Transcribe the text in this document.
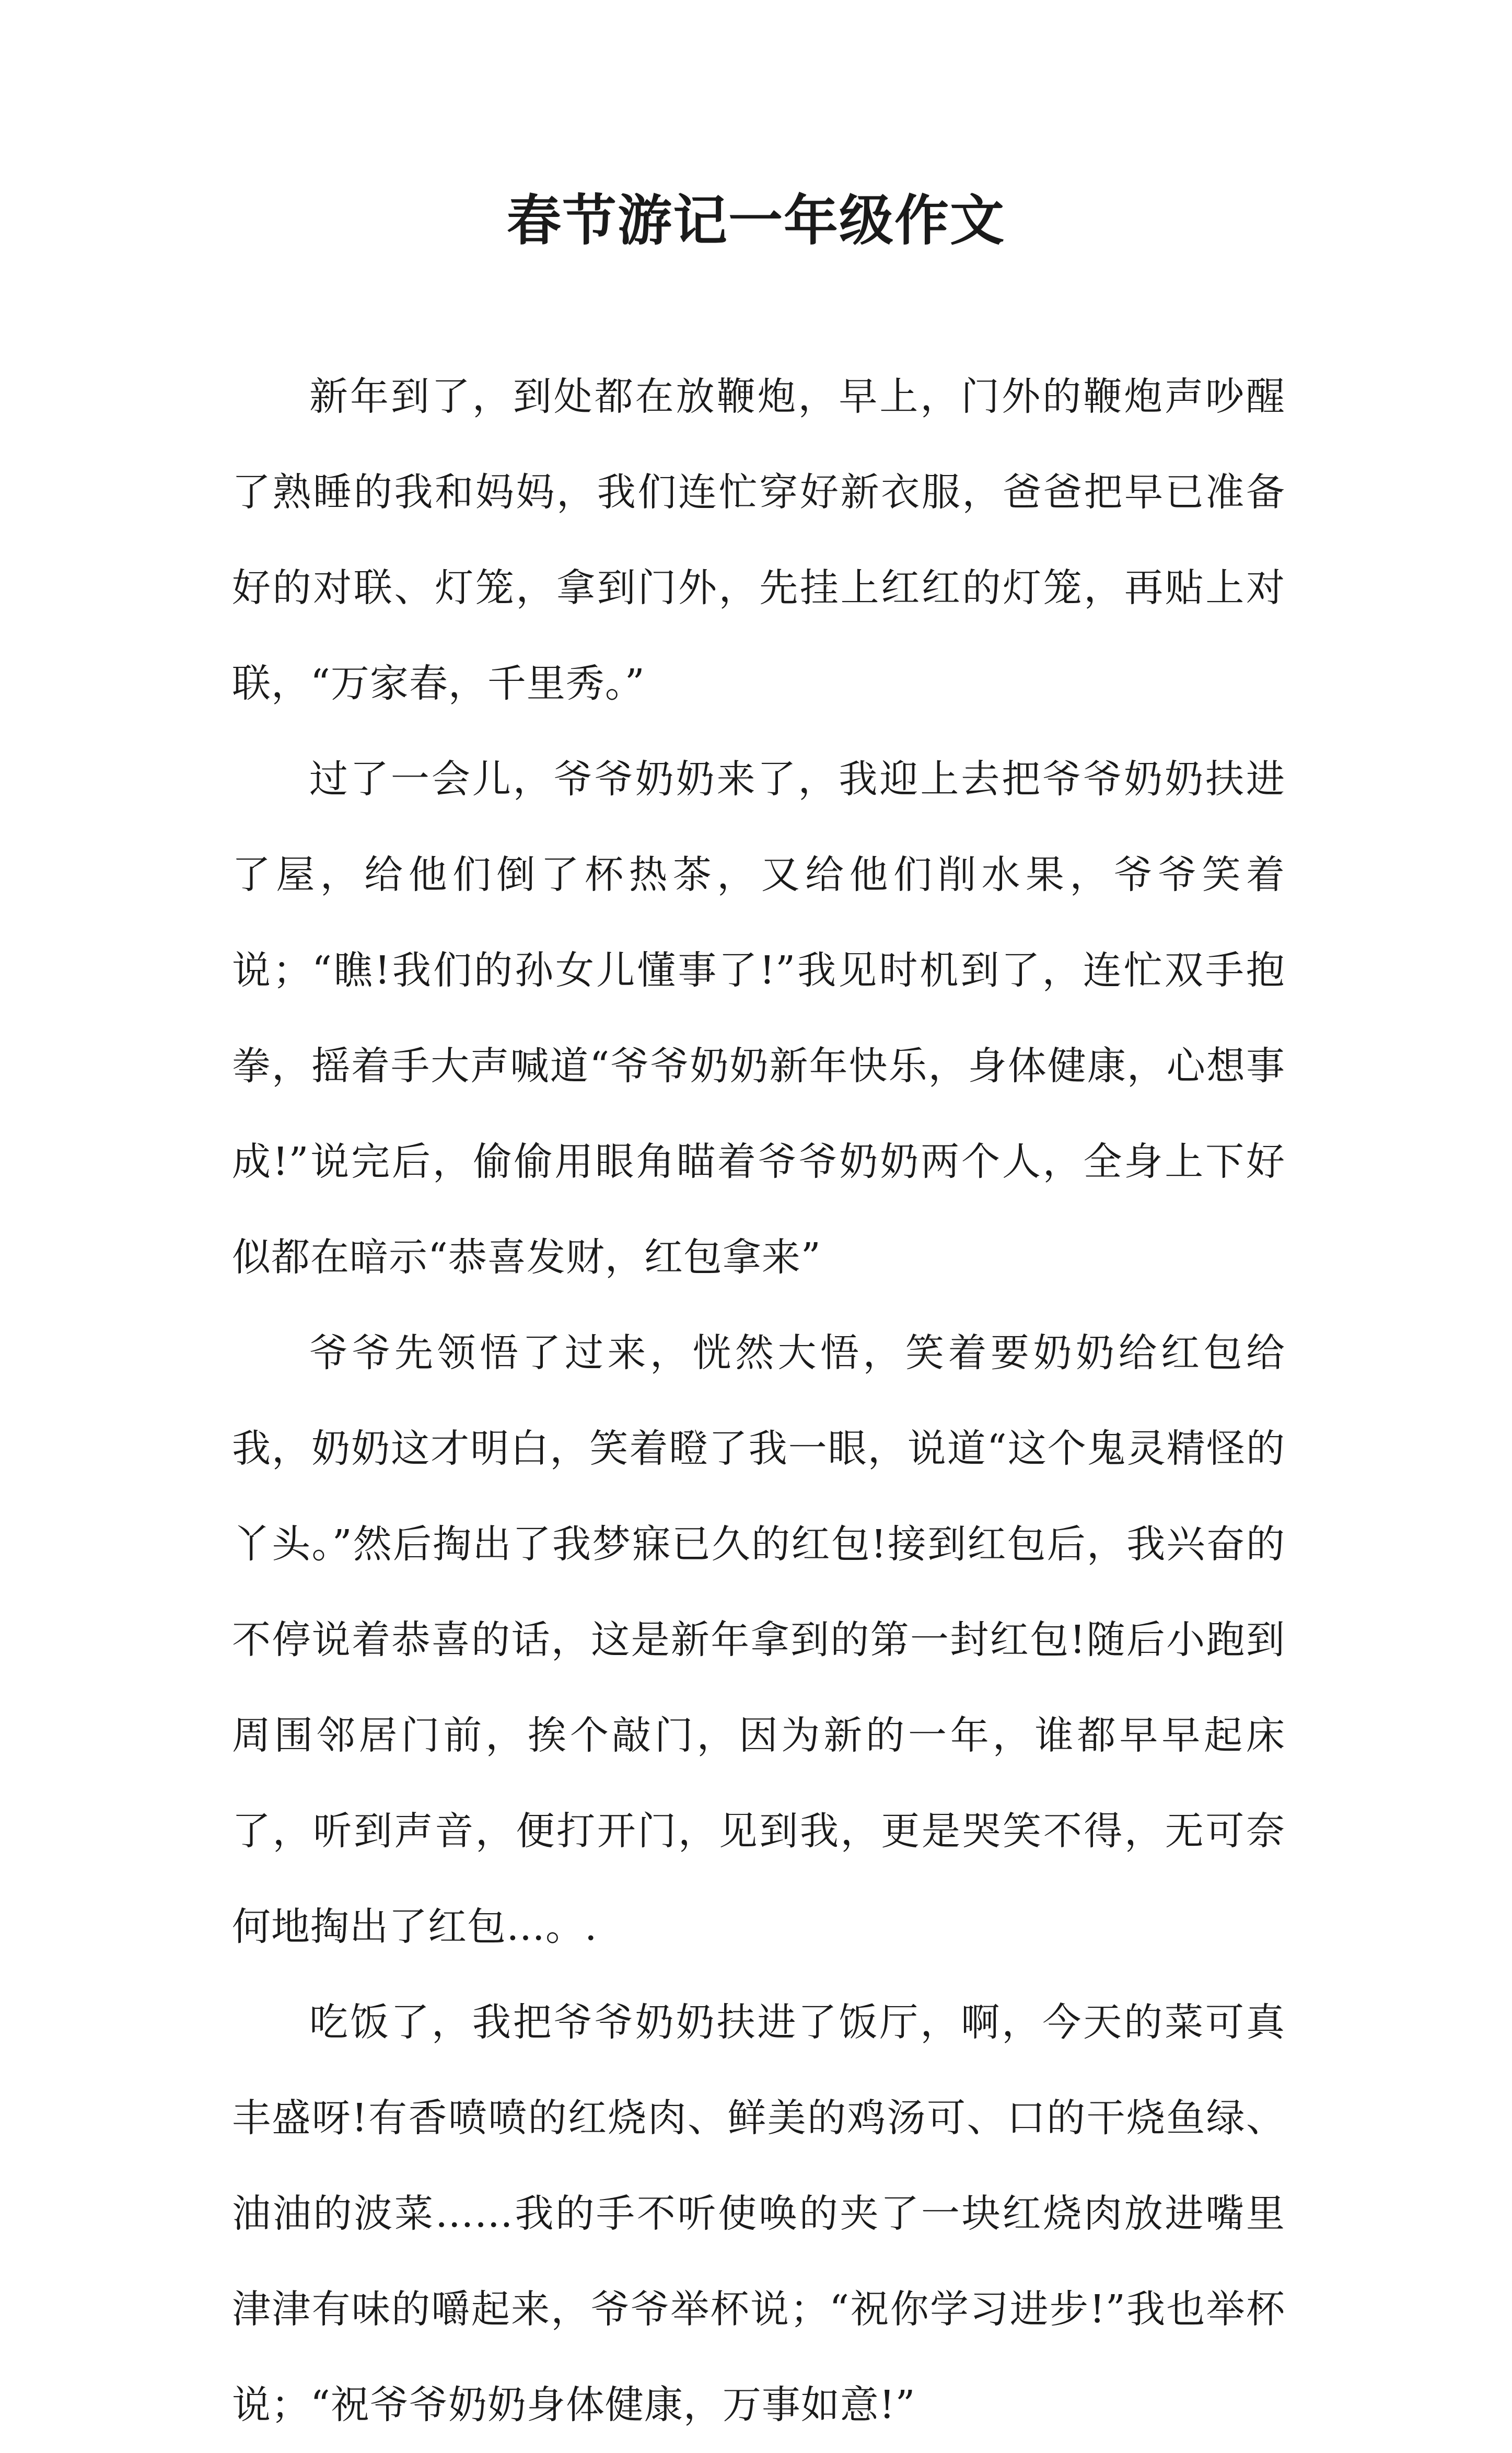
春节游记一年级作文

新年到了，到处都在放鞭炮，早上，门外的鞭炮声吵醒了熟睡的我和妈妈，我们连忙穿好新衣服，爸爸把早已准备好的对联、灯笼，拿到门外，先挂上红红的灯笼，再贴上对联，“万家春，千里秀。”

过了一会儿，爷爷奶奶来了，我迎上去把爷爷奶奶扶进了屋，给他们倒了杯热茶，又给他们削水果，爷爷笑着说；“瞧!我们的孙女儿懂事了!”我见时机到了，连忙双手抱拳，摇着手大声喊道“爷爷奶奶新年快乐，身体健康，心想事成!”说完后，偷偷用眼角瞄着爷爷奶奶两个人，全身上下好似都在暗示“恭喜发财，红包拿来”

爷爷先领悟了过来，恍然大悟，笑着要奶奶给红包给我，奶奶这才明白，笑着瞪了我一眼，说道“这个鬼灵精怪的丫头。”然后掏出了我梦寐已久的红包!接到红包后，我兴奋的不停说着恭喜的话，这是新年拿到的第一封红包!随后小跑到周围邻居门前，挨个敲门，因为新的一年，谁都早早起床了，听到声音，便打开门，见到我，更是哭笑不得，无可奈何地掏出了红包…。.

吃饭了，我把爷爷奶奶扶进了饭厅，啊，今天的菜可真丰盛呀!有香喷喷的红烧肉、鲜美的鸡汤可、口的干烧鱼绿、油油的波菜……我的手不听使唤的夹了一块红烧肉放进嘴里津津有味的嚼起来，爷爷举杯说；“祝你学习进步!”我也举杯说；“祝爷爷奶奶身体健康，万事如意!”
